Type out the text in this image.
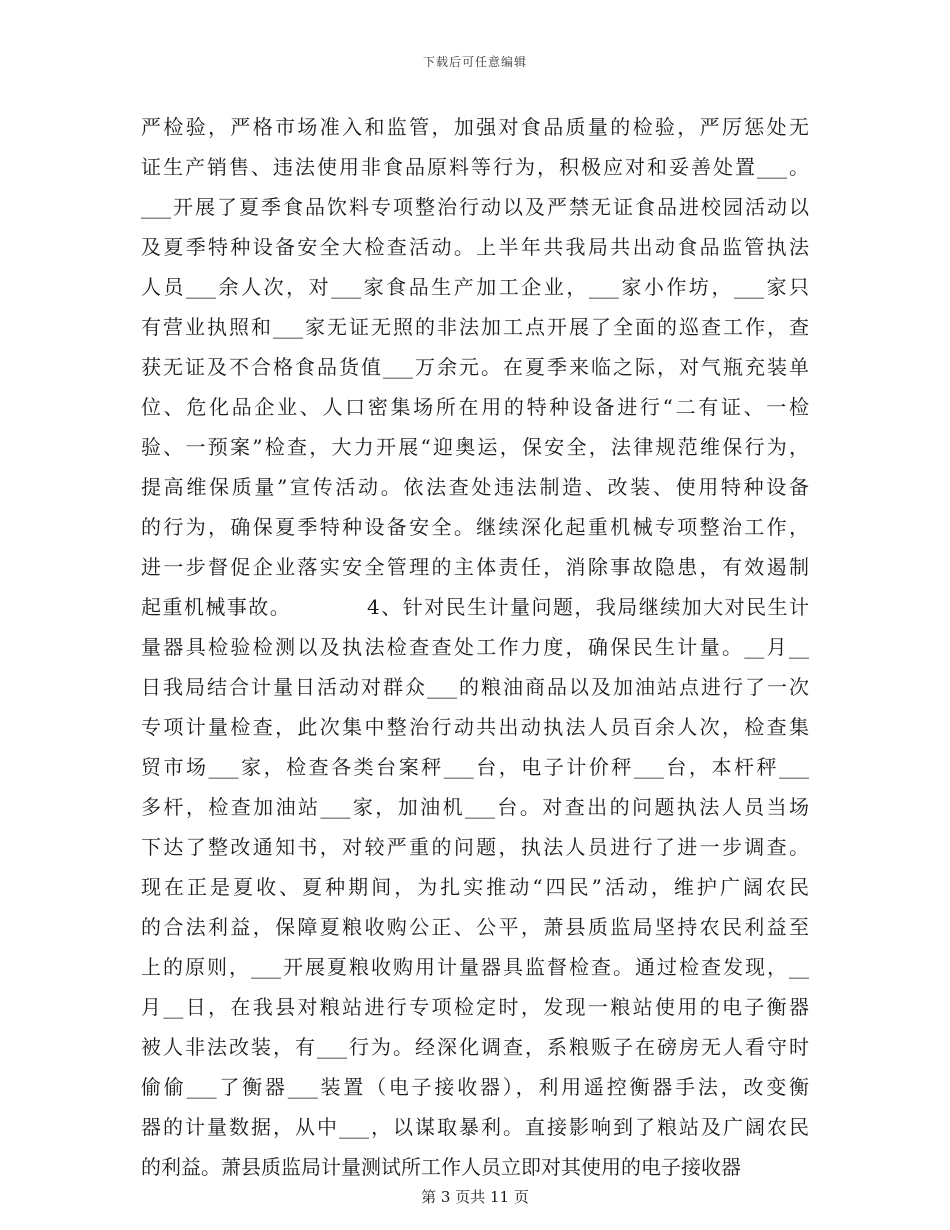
下载后可任意编辑
严检验，严格市场准入和监管，加强对食品质量的检验，严厉惩处无
证生产销售、违法使用非食品原料等行为，积极应对和妥善处置___。
___开展了夏季食品饮料专项整治行动以及严禁无证食品进校园活动以
及夏季特种设备安全大检查活动。上半年共我局共出动食品监管执法
人员___余人次，对___家食品生产加工企业，___家小作坊，___家只
有营业执照和___家无证无照的非法加工点开展了全面的巡查工作，查
获无证及不合格食品货值___万余元。在夏季来临之际，对气瓶充装单
位、危化品企业、人口密集场所在用的特种设备进行“二有证、一检
验、一预案”检查，大力开展“迎奥运，保安全，法律规范维保行为，
提高维保质量”宣传活动。依法查处违法制造、改装、使用特种设备
的行为，确保夏季特种设备安全。继续深化起重机械专项整治工作，
进一步督促企业落实安全管理的主体责任，消除事故隐患，有效遏制
起重机械事故。　　　　4、针对民生计量问题，我局继续加大对民生计
量器具检验检测以及执法检查查处工作力度，确保民生计量。__月__
日我局结合计量日活动对群众___的粮油商品以及加油站点进行了一次
专项计量检查，此次集中整治行动共出动执法人员百余人次，检查集
贸市场___家，检查各类台案秤___台，电子计价秤___台，本杆秤___
多杆，检查加油站___家，加油机___台。对查出的问题执法人员当场
下达了整改通知书，对较严重的问题，执法人员进行了进一步调查。
现在正是夏收、夏种期间，为扎实推动“四民”活动，维护广阔农民
的合法利益，保障夏粮收购公正、公平，萧县质监局坚持农民利益至
上的原则，___开展夏粮收购用计量器具监督检查。通过检查发现，__
月__日，在我县对粮站进行专项检定时，发现一粮站使用的电子衡器
被人非法改装，有___行为。经深化调查，系粮贩子在磅房无人看守时
偷偷___了衡器___装置（电子接收器），利用遥控衡器手法，改变衡
器的计量数据，从中___，以谋取暴利。直接影响到了粮站及广阔农民
的利益。萧县质监局计量测试所工作人员立即对其使用的电子接收器
第 3 页共 11 页
